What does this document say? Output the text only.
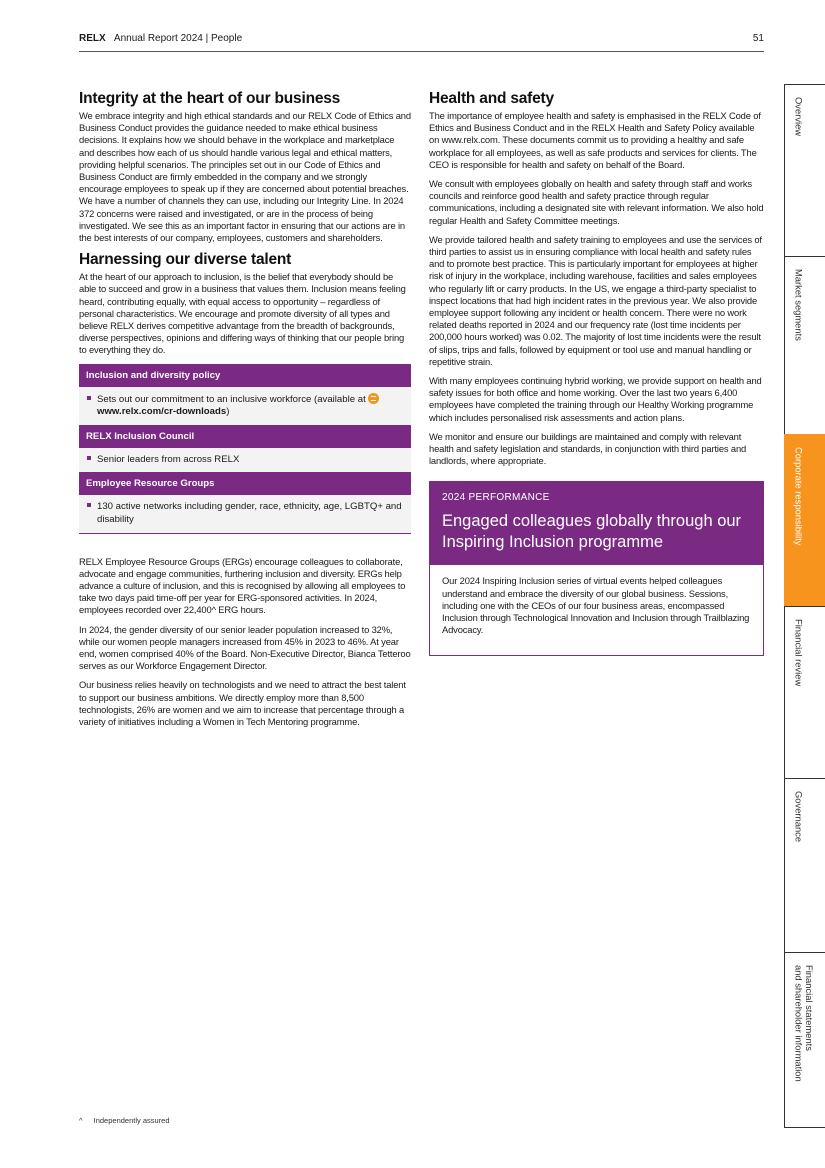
RELX Annual Report 2024 | People	51
Integrity at the heart of our business

We embrace integrity and high ethical standards and our RELX Code of Ethics and Business Conduct provides the guidance needed to make ethical business decisions. It explains how we should behave in the workplace and marketplace and describes how each of us should handle various legal and ethical matters, providing helpful scenarios. The principles set out in our Code of Ethics and Business Conduct are firmly embedded in the company and we strongly encourage employees to speak up if they are concerned about potential breaches. We have a number of channels they can use, including our Integrity Line. In 2024 372 concerns were raised and investigated, or are in the process of being investigated. We see this as an important factor in ensuring that our actions are in the best interests of our company, employees, customers and shareholders.

Harnessing our diverse talent

At the heart of our approach to inclusion, is the belief that everybody should be able to succeed and grow in a business that values them. Inclusion means feeling heard, contributing equally, with equal access to opportunity – regardless of personal characteristics. We encourage and promote diversity of all types and believe RELX derives competitive advantage from the breadth of backgrounds, diverse perspectives, opinions and differing ways of thinking that our people bring to everything they do.

Inclusion and diversity policy
Sets out our commitment to an inclusive workforce (available at www.relx.com/cr-downloads)
RELX Inclusion Council
Senior leaders from across RELX
Employee Resource Groups
130 active networks including gender, race, ethnicity, age, LGBTQ+ and disability

RELX Employee Resource Groups (ERGs) encourage colleagues to collaborate, advocate and engage communities, furthering inclusion and diversity. ERGs help advance a culture of inclusion, and this is recognised by allowing all employees to take two days paid time-off per year for ERG-sponsored activities. In 2024, employees recorded over 22,400^ ERG hours.

In 2024, the gender diversity of our senior leader population increased to 32%, while our women people managers increased from 45% in 2023 to 46%. At year end, women comprised 40% of the Board. Non-Executive Director, Bianca Tetteroo serves as our Workforce Engagement Director.

Our business relies heavily on technologists and we need to attract the best talent to support our business ambitions. We directly employ more than 8,500 technologists, 26% are women and we aim to increase that percentage through a variety of initiatives including a Women in Tech Mentoring programme.

Health and safety

The importance of employee health and safety is emphasised in the RELX Code of Ethics and Business Conduct and in the RELX Health and Safety Policy available on www.relx.com. These documents commit us to providing a healthy and safe workplace for all employees, as well as safe products and services for clients. The CEO is responsible for health and safety on behalf of the Board.

We consult with employees globally on health and safety through staff and works councils and reinforce good health and safety practice through regular communications, including a designated site with relevant information. We also hold regular Health and Safety Committee meetings.

We provide tailored health and safety training to employees and use the services of third parties to assist us in ensuring compliance with local health and safety rules and to promote best practice. This is particularly important for employees at higher risk of injury in the workplace, including warehouse, facilities and sales employees who regularly lift or carry products. In the US, we engage a third-party specialist to inspect locations that had high incident rates in the previous year. We also provide employee support following any incident or health concern. There were no work related deaths reported in 2024 and our frequency rate (lost time incidents per 200,000 hours worked) was 0.02. The majority of lost time incidents were the result of slips, trips and falls, followed by equipment or tool use and manual handling or repetitive strain.

With many employees continuing hybrid working, we provide support on health and safety issues for both office and home working. Over the last two years 6,400 employees have completed the training through our Healthy Working programme which includes personalised risk assessments and action plans.

We monitor and ensure our buildings are maintained and comply with relevant health and safety legislation and standards, in conjunction with third parties and landlords, where appropriate.

2024 PERFORMANCE
Engaged colleagues globally through our Inspiring Inclusion programme

Our 2024 Inspiring Inclusion series of virtual events helped colleagues understand and embrace the diversity of our global business. Sessions, including one with the CEOs of our four business areas, encompassed Inclusion through Technological Innovation and Inclusion through Trailblazing Advocacy.

^ Independently assured
Overview
Market segments
Corporate responsibility
Financial review
Governance
Financial statements
and shareholder information
